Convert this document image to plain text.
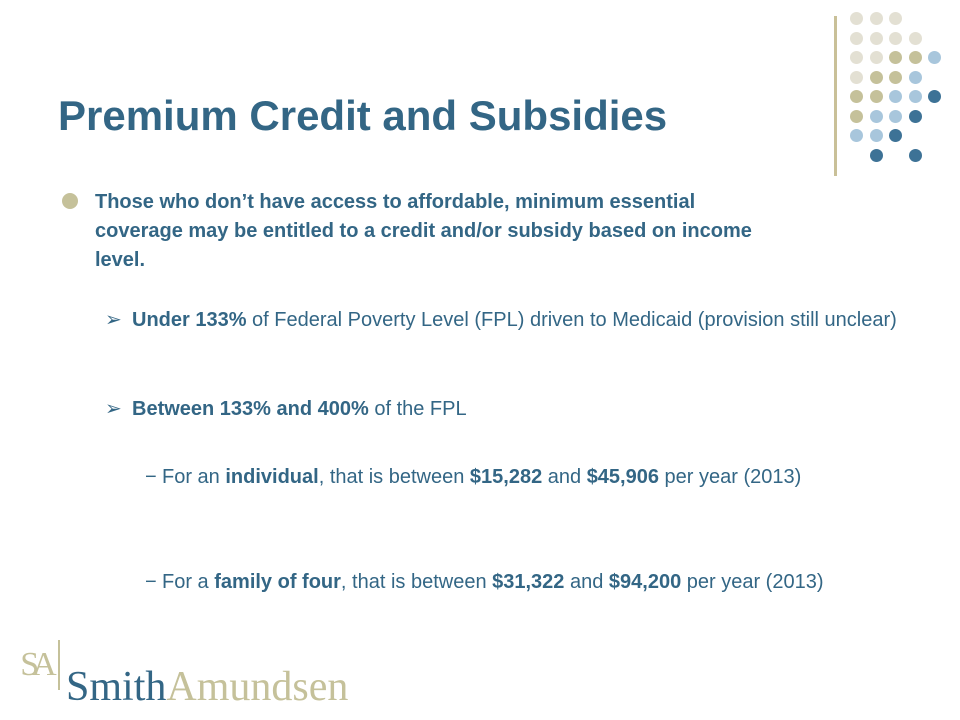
Premium Credit and Subsidies
Those who don’t have access to affordable, minimum essential coverage may be entitled to a credit and/or subsidy based on income level.
➢ Under 133% of Federal Poverty Level (FPL) driven to Medicaid (provision still unclear)
➢ Between 133% and 400% of the FPL
− For an individual, that is between $15,282 and $45,906 per year (2013)
− For a family of four, that is between $31,322 and $94,200 per year (2013)
SA SmithAmundsen
